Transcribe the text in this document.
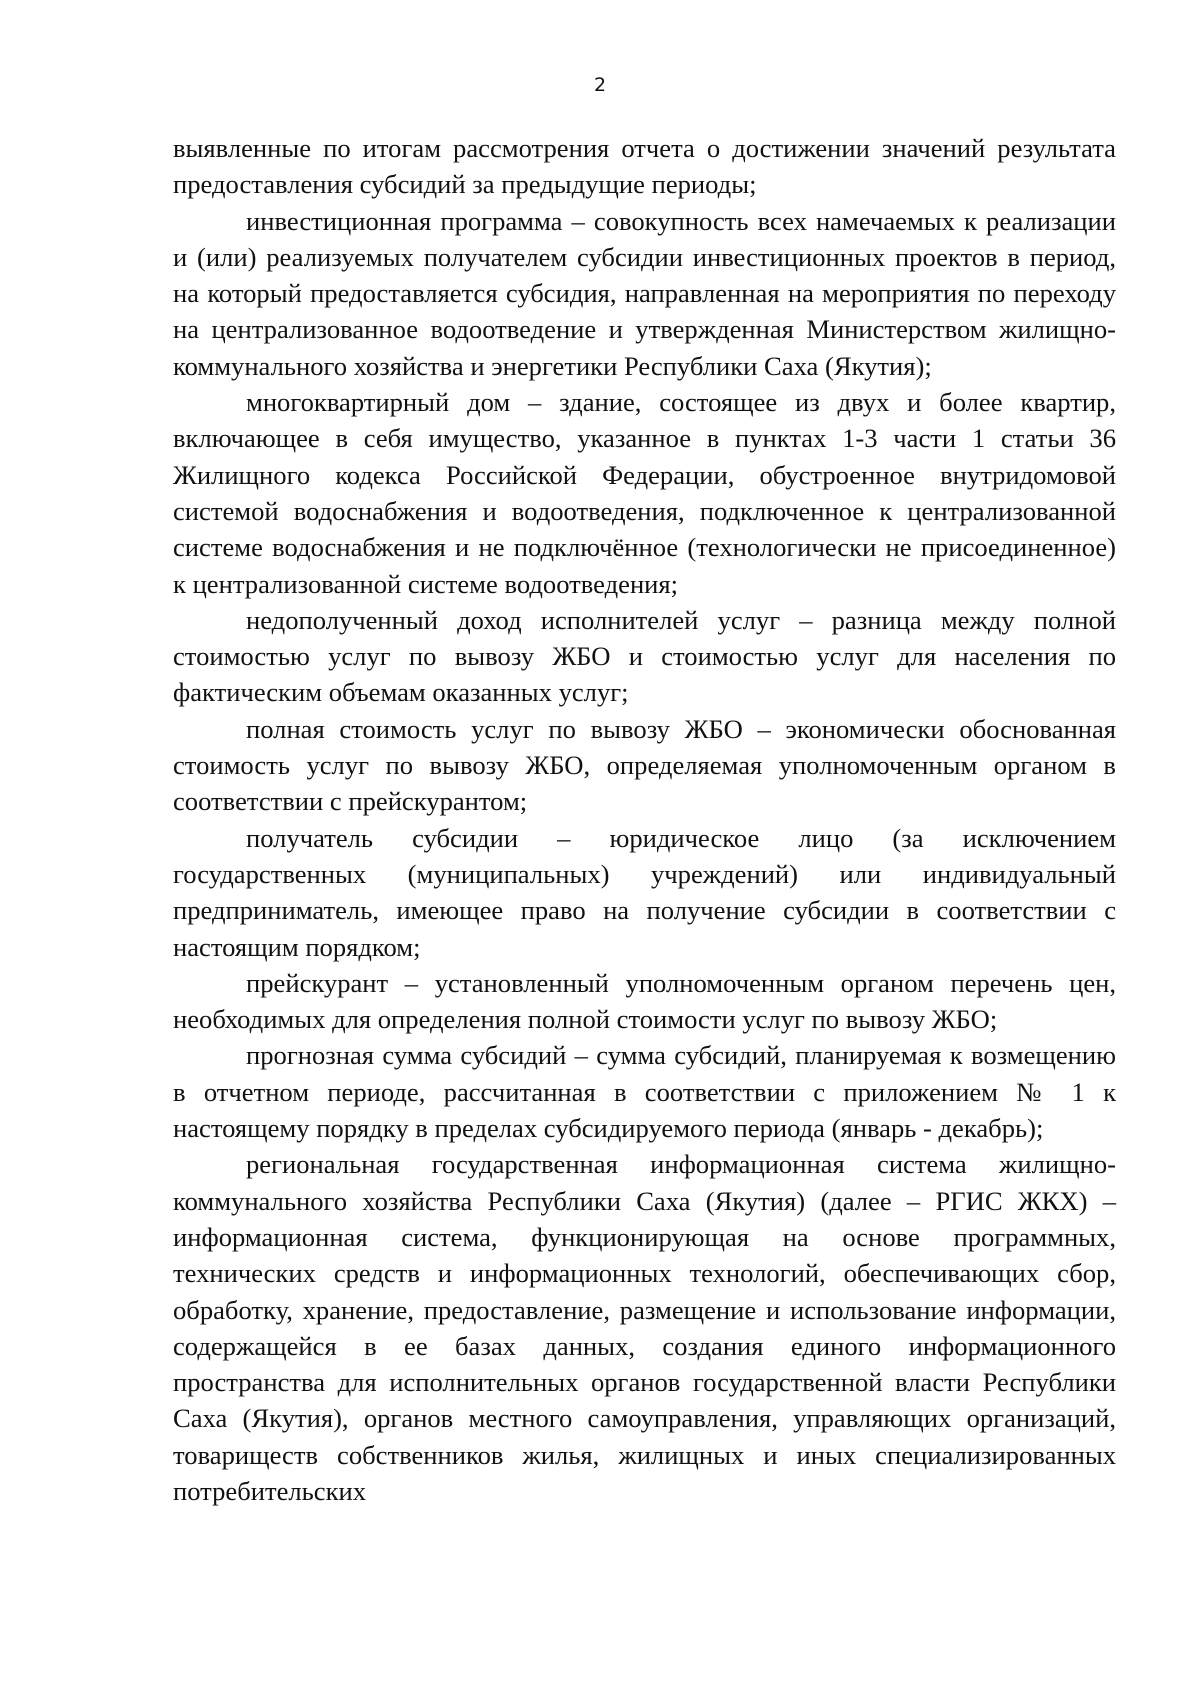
2

выявленные по итогам рассмотрения отчета о достижении значений результата предоставления субсидий за предыдущие периоды;

инвестиционная программа – совокупность всех намечаемых к реализации и (или) реализуемых получателем субсидии инвестиционных проектов в период, на который предоставляется субсидия, направленная на мероприятия по переходу на централизованное водоотведение и утвержденная Министерством жилищно-коммунального хозяйства и энергетики Республики Саха (Якутия);

многоквартирный дом – здание, состоящее из двух и более квартир, включающее в себя имущество, указанное в пунктах 1-3 части 1 статьи 36 Жилищного кодекса Российской Федерации, обустроенное внутридомовой системой водоснабжения и водоотведения, подключенное к централизованной системе водоснабжения и не подключённое (технологически не присоединенное) к централизованной системе водоотведения;

недополученный доход исполнителей услуг – разница между полной стоимостью услуг по вывозу ЖБО и стоимостью услуг для населения по фактическим объемам оказанных услуг;

полная стоимость услуг по вывозу ЖБО – экономически обоснованная стоимость услуг по вывозу ЖБО, определяемая уполномоченным органом в соответствии с прейскурантом;

получатель субсидии – юридическое лицо (за исключением государственных (муниципальных) учреждений) или индивидуальный предприниматель, имеющее право на получение субсидии в соответствии с настоящим порядком;

прейскурант – установленный уполномоченным органом перечень цен, необходимых для определения полной стоимости услуг по вывозу ЖБО;

прогнозная сумма субсидий – сумма субсидий, планируемая к возмещению в отчетном периоде, рассчитанная в соответствии с приложением № 1 к настоящему порядку в пределах субсидируемого периода (январь - декабрь);

региональная государственная информационная система жилищно-коммунального хозяйства Республики Саха (Якутия) (далее – РГИС ЖКХ) – информационная система, функционирующая на основе программных, технических средств и информационных технологий, обеспечивающих сбор, обработку, хранение, предоставление, размещение и использование информации, содержащейся в ее базах данных, создания единого информационного пространства для исполнительных органов государственной власти Республики Саха (Якутия), органов местного самоуправления, управляющих организаций, товариществ собственников жилья, жилищных и иных специализированных потребительских
